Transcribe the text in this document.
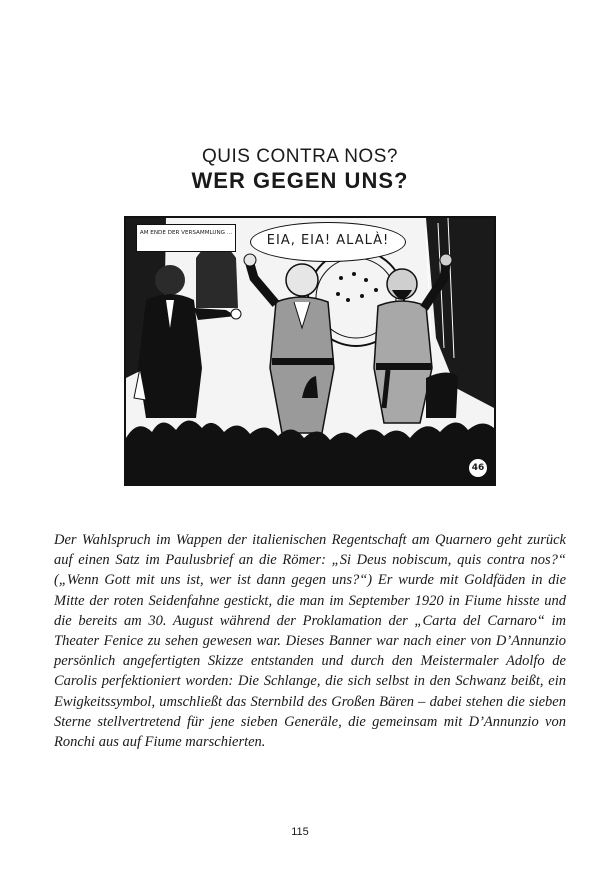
QUIS CONTRA NOS?
WER GEGEN UNS?
AM ENDE DER VERSAMMLUNG ...	EIA, EIA! ALALÀ!
46

Der Wahlspruch im Wappen der italienischen Regentschaft am Quarnero geht zurück auf einen Satz im Paulusbrief an die Römer: „Si Deus nobiscum, quis contra nos?“ („Wenn Gott mit uns ist, wer ist dann gegen uns?“) Er wurde mit Goldfäden in die Mitte der roten Seidenfahne gestickt, die man im September 1920 in Fiume hisste und die bereits am 30. August während der Proklamation der „Carta del Carnaro“ im Theater Fenice zu sehen gewesen war. Dieses Banner war nach einer von D’Annunzio persönlich angefertigten Skizze entstanden und durch den Meistermaler Adolfo de Carolis perfektioniert worden: Die Schlange, die sich selbst in den Schwanz beißt, ein Ewigkeitssymbol, umschließt das Sternbild des Großen Bären – dabei stehen die sieben Sterne stellvertretend für jene sieben Generäle, die gemeinsam mit D’Annunzio von Ronchi aus auf Fiume marschierten.

115
